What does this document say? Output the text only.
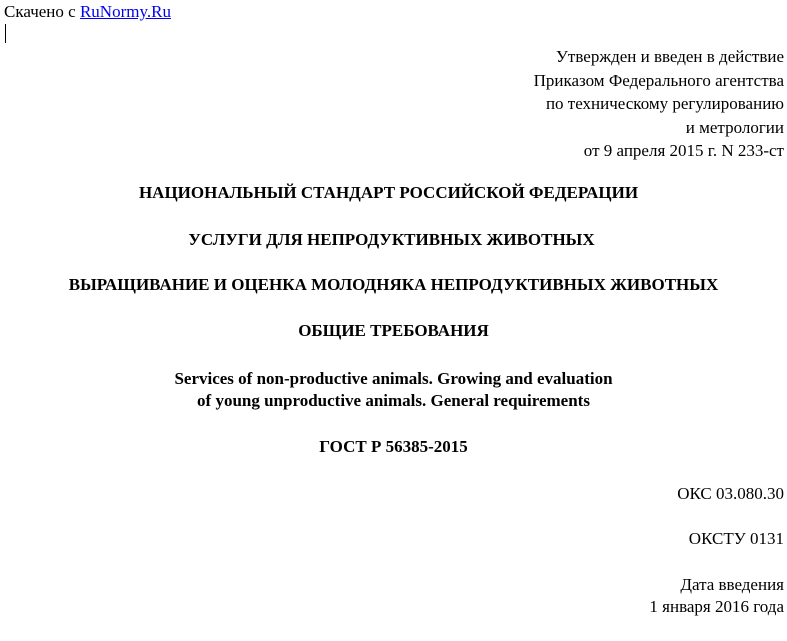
Скачено с RuNormy.Ru
Утвержден и введен в действие
Приказом Федерального агентства
по техническому регулированию
и метрологии
от 9 апреля 2015 г. N 233-ст
НАЦИОНАЛЬНЫЙ СТАНДАРТ РОССИЙСКОЙ ФЕДЕРАЦИИ
УСЛУГИ ДЛЯ НЕПРОДУКТИВНЫХ ЖИВОТНЫХ
ВЫРАЩИВАНИЕ И ОЦЕНКА МОЛОДНЯКА НЕПРОДУКТИВНЫХ ЖИВОТНЫХ
ОБЩИЕ ТРЕБОВАНИЯ
Services of non-productive animals. Growing and evaluation
of young unproductive animals. General requirements
ГОСТ Р 56385-2015
ОКС 03.080.30
ОКСТУ 0131
Дата введения
1 января 2016 года
